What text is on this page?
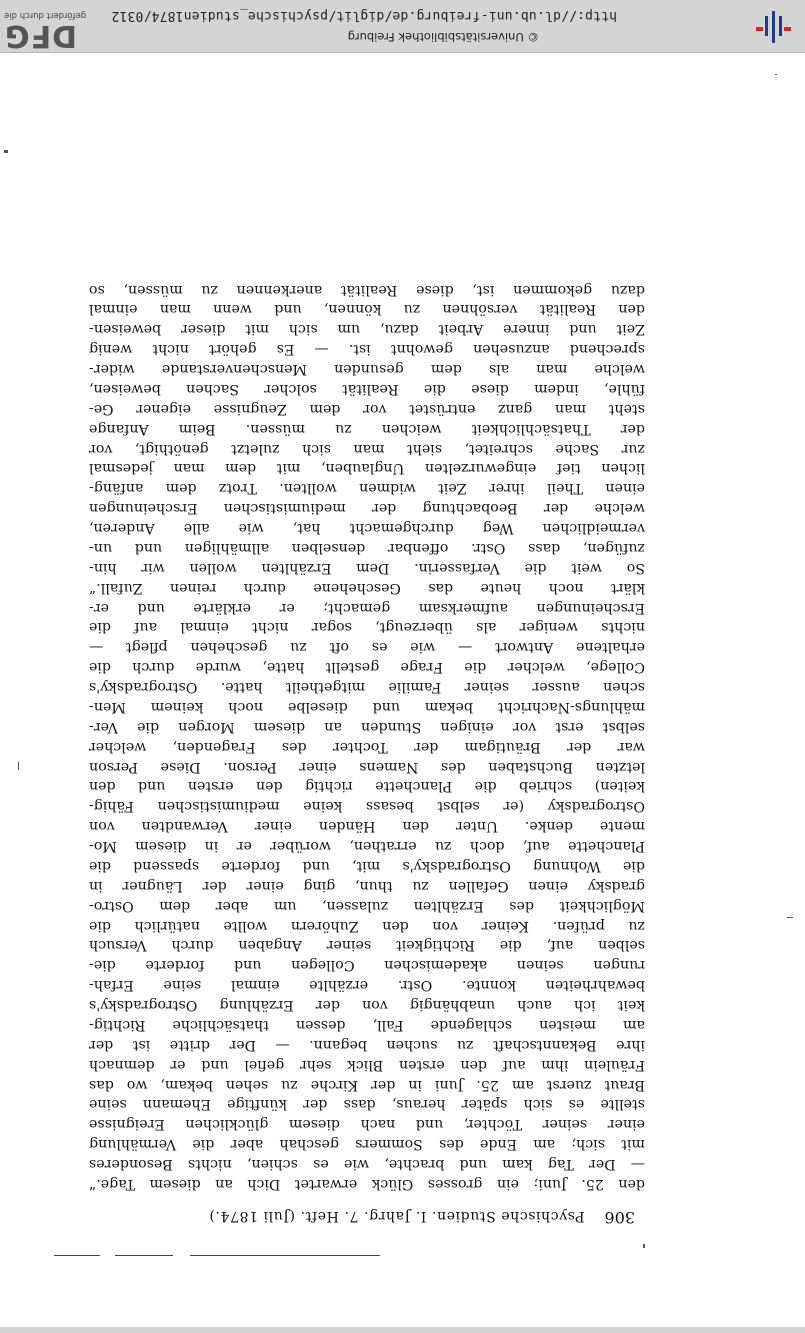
306 Psychische Studien. I. Jahrg. 7. Heft. (Juli 1874.)
den 25. Juni; ein grosses Glück erwartet Dich an diesem Tage.“
— Der Tag kam und brachte, wie es schien, nichts Besonderes
mit sich; am Ende des Sommers geschah aber die Vermählung
einer seiner Töchter, und nach diesem glücklichen Ereignisse
stellte es sich später heraus, dass der künftige Ehemann seine
Braut zuerst am 25. Juni in der Kirche zu sehen bekam, wo das
Fräulein ihm auf den ersten Blick sehr gefiel und er demnach
ihre Bekanntschaft zu suchen begann. — Der dritte ist der
am meisten schlagende Fall, dessen thatsächliche Richtig-
keit ich auch unabhängig von der Erzählung Ostrogradsky's
bewahrheiten konnte. Ostr. erzählte einmal seine Erfah-
rungen seinen akademischen Collegen und forderte die-
selben auf, die Richtigkeit seiner Angaben durch Versuch
zu prüfen. Keiner von den Zuhörern wollte natürlich die
Möglichkeit des Erzählten zulassen, um aber dem Ostro-
gradsky einen Gefallen zu thun, ging einer der Läugner in
die Wohnung Ostrogradsky's mit, und forderte spassend die
Planchette auf, doch zu errathen, worüber er in diesem Mo-
mente denke. Unter den Händen einer Verwandten von
Ostrogradsky (er selbst besass keine mediumistischen Fähig-
keiten) schrieb die Planchette richtig den ersten und den
letzten Buchstaben des Namens einer Person. Diese Person
war der Bräutigam der Tochter des Fragenden, welcher
selbst erst vor einigen Stunden an diesem Morgen die Ver-
mählungs-Nachricht bekam und dieselbe noch keinem Men-
schen ausser seiner Familie mitgetheilt hatte. Ostrogradsky's
College, welcher die Frage gestellt hatte, wurde durch die
erhaltene Antwort — wie es oft zu geschehen pflegt —
nichts weniger als überzeugt, sogar nicht einmal auf die
Erscheinungen aufmerksam gemacht; er erklärte und er-
klärt noch heute das Geschehene durch reinen Zufall.“
So weit die Verfasserin. Dem Erzählten wollen wir hin-
zufügen, dass Ostr. offenbar denselben allmähligen und un-
vermeidlichen Weg durchgemacht hat, wie alle Anderen,
welche der Beobachtung der mediumistischen Erscheinungen
einen Theil ihrer Zeit widmen wollten. Trotz dem anfäng-
lichen tief eingewurzelten Unglauben, mit dem man jedesmal
zur Sache schreitet, sieht man sich zuletzt genöthigt, vor
der Thatsächlichkeit weichen zu müssen. Beim Anfange
steht man ganz entrüstet vor dem Zeugnisse eigener Ge-
fühle, indem diese die Realität solcher Sachen beweisen,
welche man als dem gesunden Menschenverstande wider-
sprechend anzusehen gewohnt ist. — Es gehört nicht wenig
Zeit und innere Arbeit dazu, um sich mit dieser beweisen-
den Realität versöhnen zu können, und wenn man einmal
dazu gekommen ist, diese Realität anerkennen zu müssen, so
© Universitätsbibliothek Freiburg
http://dl.ub.uni-freiburg.de/diglit/psychische_studien1874/0312
DFG
gefördert durch die
